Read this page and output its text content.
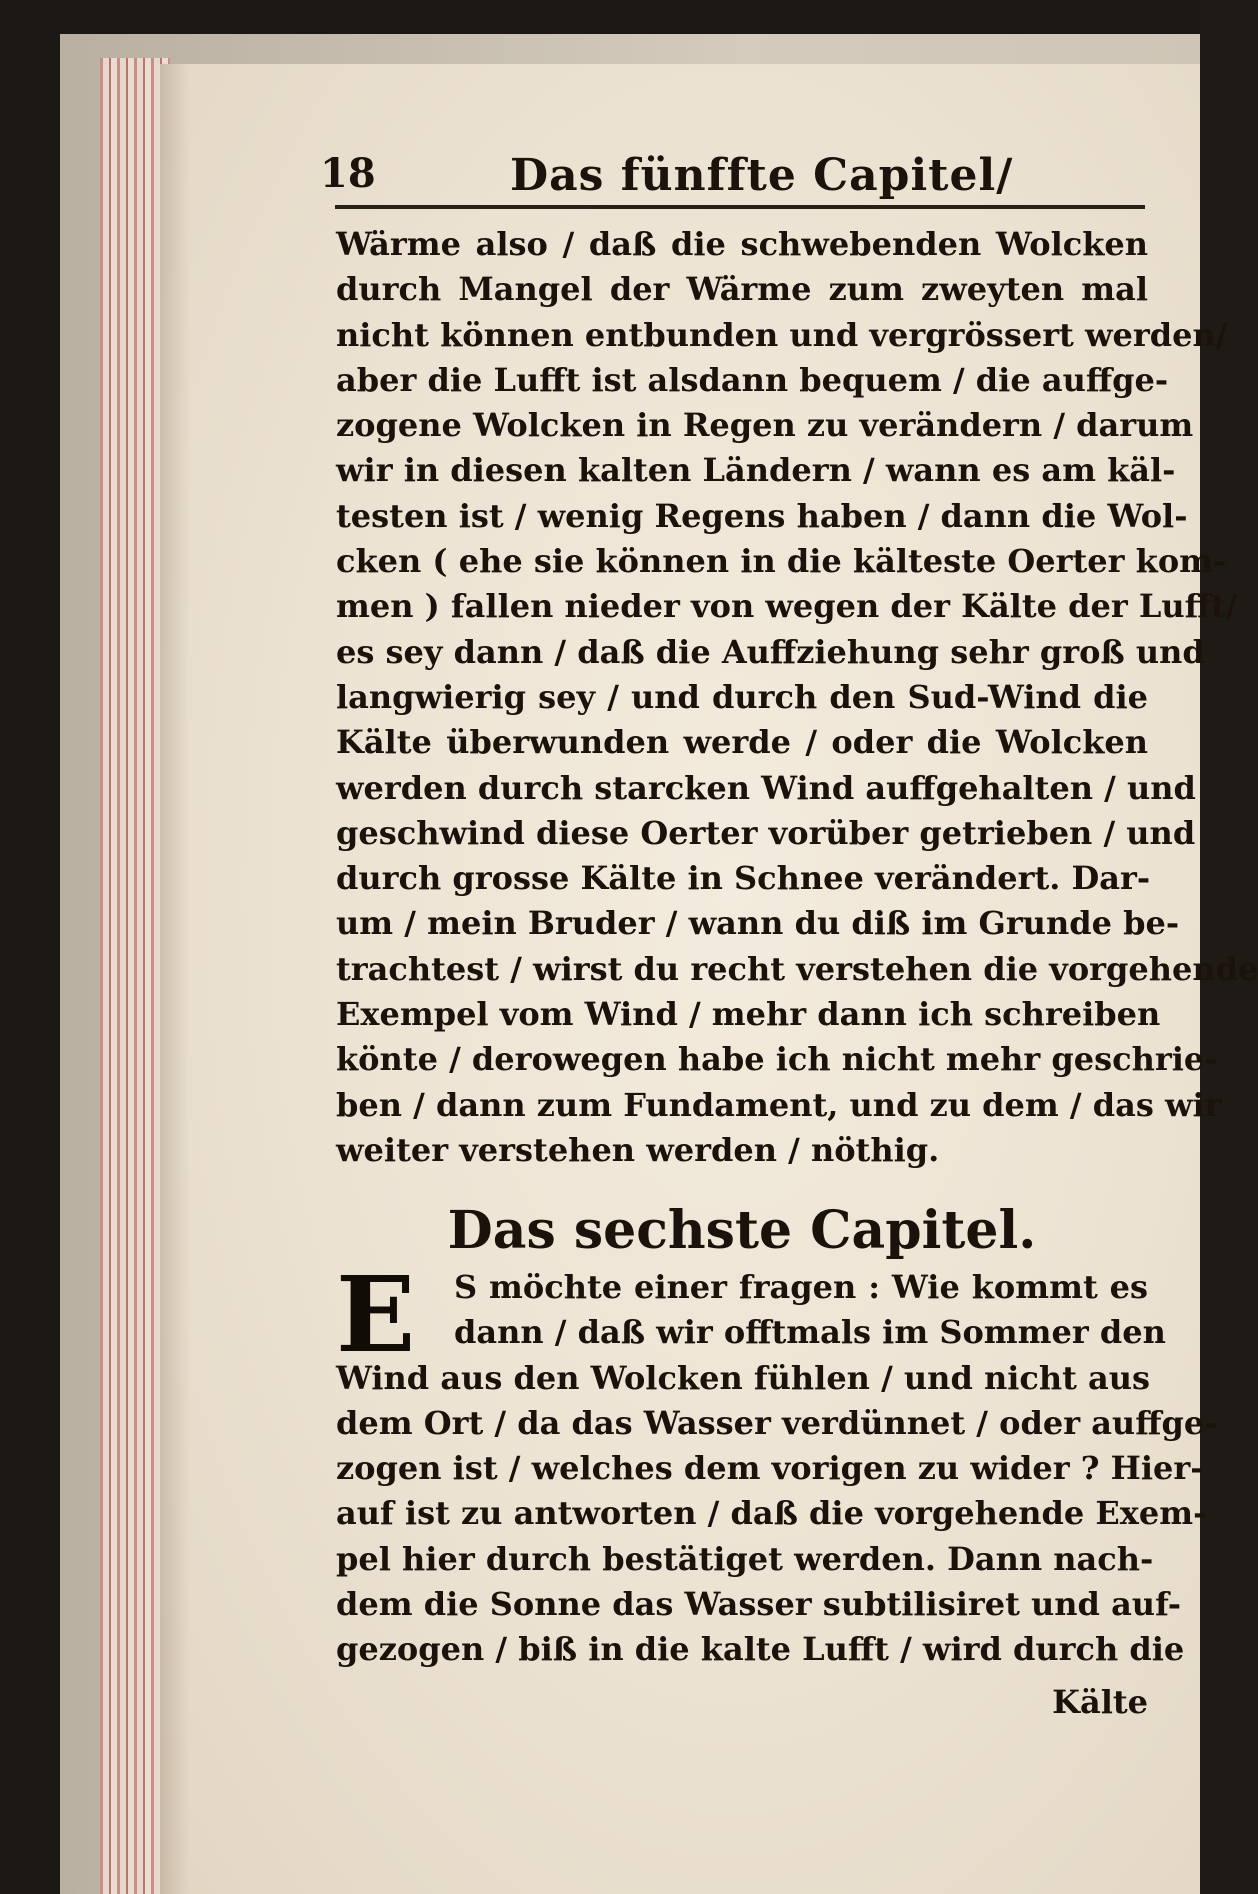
18	Das fünffte Capitel/
Wärme also / daß die schwebenden Wolcken
durch Mangel der Wärme zum zweyten mal
nicht können entbunden und vergrössert werden/
aber die Lufft ist alsdann bequem / die auffge-
zogene Wolcken in Regen zu verändern / darum
wir in diesen kalten Ländern / wann es am käl-
testen ist / wenig Regens haben / dann die Wol-
cken ( ehe sie können in die kälteste Oerter kom-
men ) fallen nieder von wegen der Kälte der Lufft/
es sey dann / daß die Auffziehung sehr groß und
langwierig sey / und durch den Sud-Wind die
Kälte überwunden werde / oder die Wolcken
werden durch starcken Wind auffgehalten / und
geschwind diese Oerter vorüber getrieben / und
durch grosse Kälte in Schnee verändert. Dar-
um / mein Bruder / wann du diß im Grunde be-
trachtest / wirst du recht verstehen die vorgehende
Exempel vom Wind / mehr dann ich schreiben
könte / derowegen habe ich nicht mehr geschrie-
ben / dann zum Fundament, und zu dem / das wir
weiter verstehen werden / nöthig.
Das sechste Capitel.
E	S möchte einer fragen : Wie kommt es
dann / daß wir offtmals im Sommer den
Wind aus den Wolcken fühlen / und nicht aus
dem Ort / da das Wasser verdünnet / oder auffge-
zogen ist / welches dem vorigen zu wider ? Hier-
auf ist zu antworten / daß die vorgehende Exem-
pel hier durch bestätiget werden. Dann nach-
dem die Sonne das Wasser subtilisiret und auf-
gezogen / biß in die kalte Lufft / wird durch die
Kälte
